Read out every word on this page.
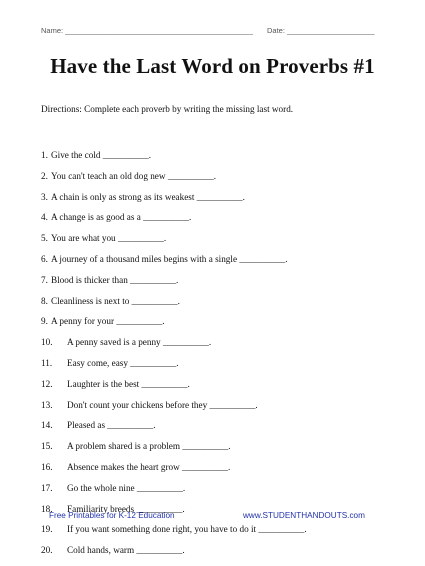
Name: _____________________________________________ Date: _____________________
Have the Last Word on Proverbs #1
Directions: Complete each proverb by writing the missing last word.
1. Give the cold __________.
2. You can't teach an old dog new __________.
3. A chain is only as strong as its weakest __________.
4. A change is as good as a __________.
5. You are what you __________.
6. A journey of a thousand miles begins with a single __________.
7. Blood is thicker than __________.
8. Cleanliness is next to __________.
9. A penny for your __________.
10.	A penny saved is a penny __________.
11.	Easy come, easy __________.
12.	Laughter is the best __________.
13.	Don't count your chickens before they __________.
14.	Pleased as __________.
15.	A problem shared is a problem __________.
16.	Absence makes the heart grow __________.
17.	Go the whole nine __________.
18.	Familiarity breeds __________.
19.	If you want something done right, you have to do it __________.
20.	Cold hands, warm __________.
Free Printables for K-12 Education	www.STUDENTHANDOUTS.com
